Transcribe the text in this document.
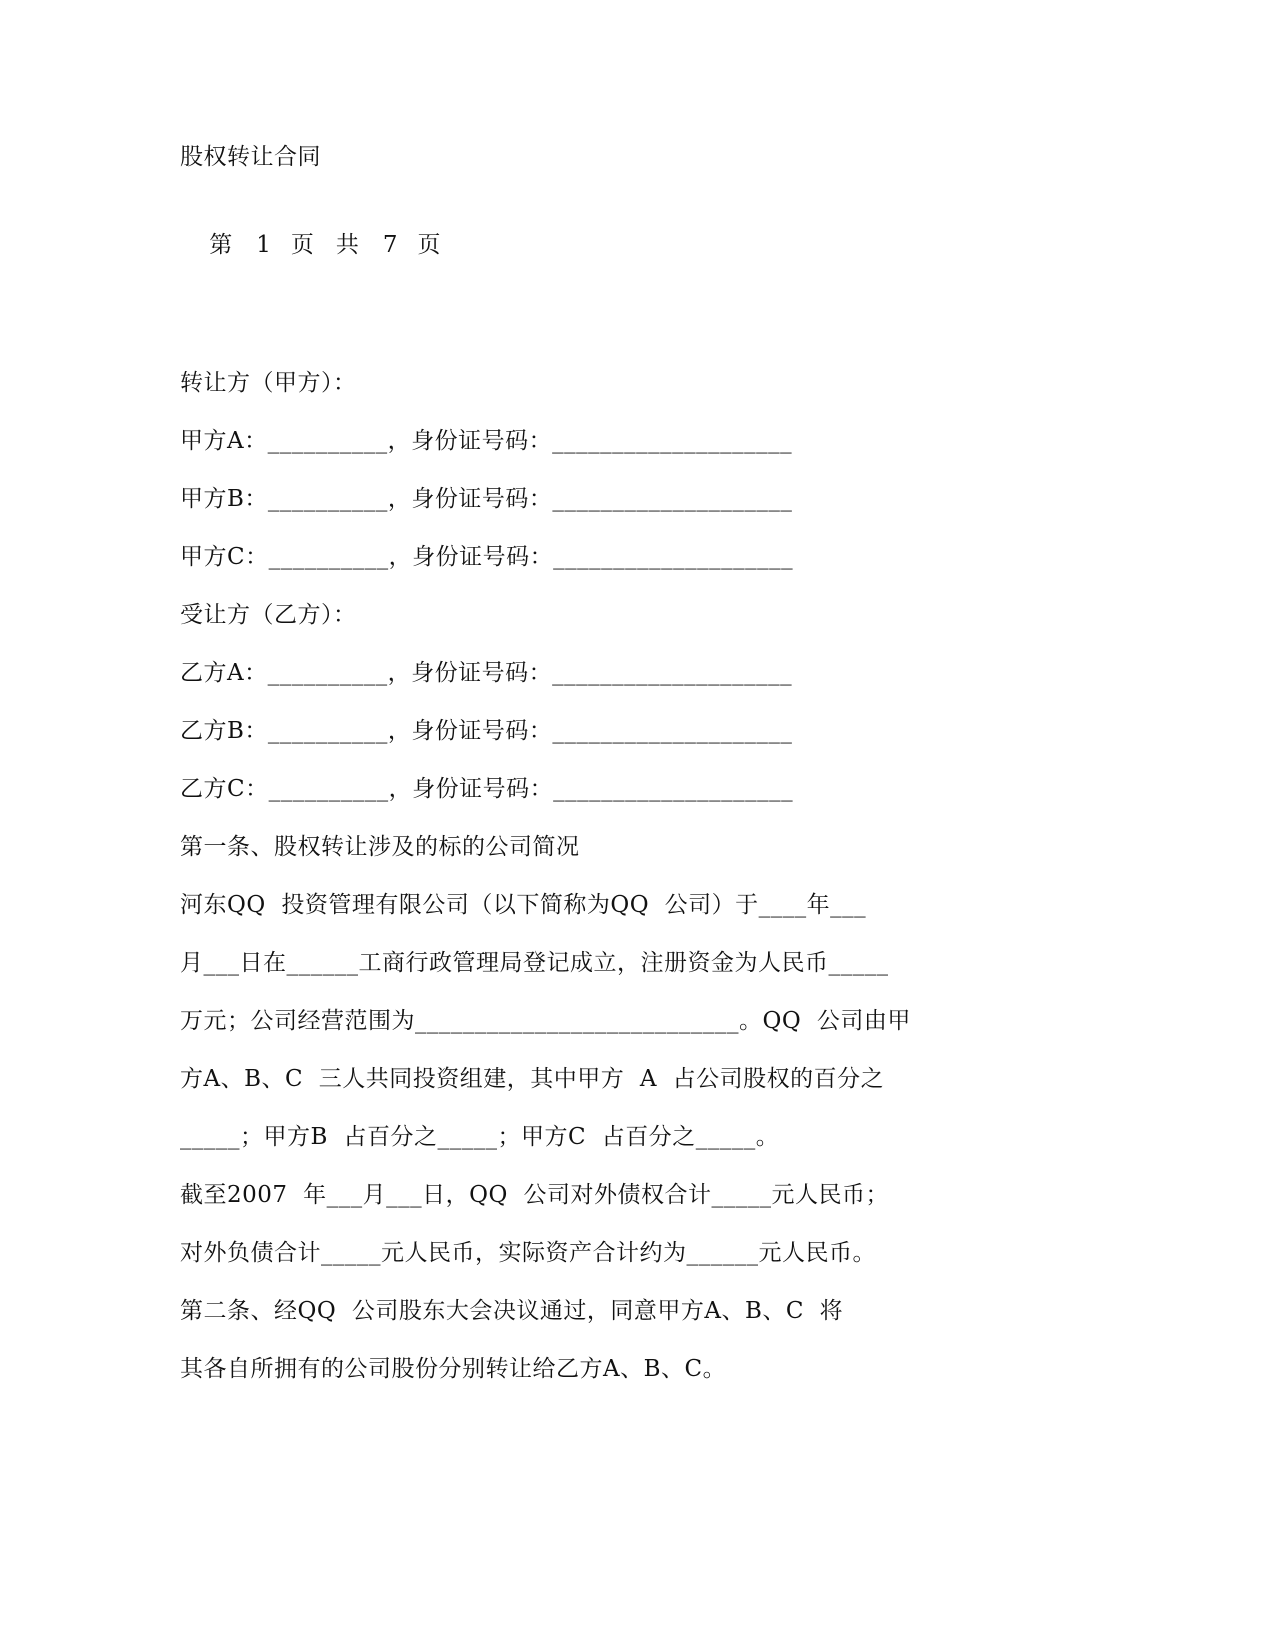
股权转让合同

第 1 页 共 7 页

转让方（甲方）：
甲方A：__________，身份证号码：____________________
甲方B：__________，身份证号码：____________________
甲方C：__________，身份证号码：____________________
受让方（乙方）：
乙方A：__________，身份证号码：____________________
乙方B：__________，身份证号码：____________________
乙方C：__________，身份证号码：____________________
第一条、股权转让涉及的标的公司简况
河东QQ  投资管理有限公司（以下简称为QQ  公司）于____年___
月___日在______工商行政管理局登记成立，注册资金为人民币_____
万元；公司经营范围为___________________________。QQ  公司由甲
方A、B、C  三人共同投资组建，其中甲方  A  占公司股权的百分之
_____；甲方B  占百分之_____；甲方C  占百分之_____。
截至2007  年___月___日，QQ  公司对外债权合计_____元人民币；
对外负债合计_____元人民币，实际资产合计约为______元人民币。
第二条、经QQ  公司股东大会决议通过，同意甲方A、B、C  将
其各自所拥有的公司股份分别转让给乙方A、B、C。
